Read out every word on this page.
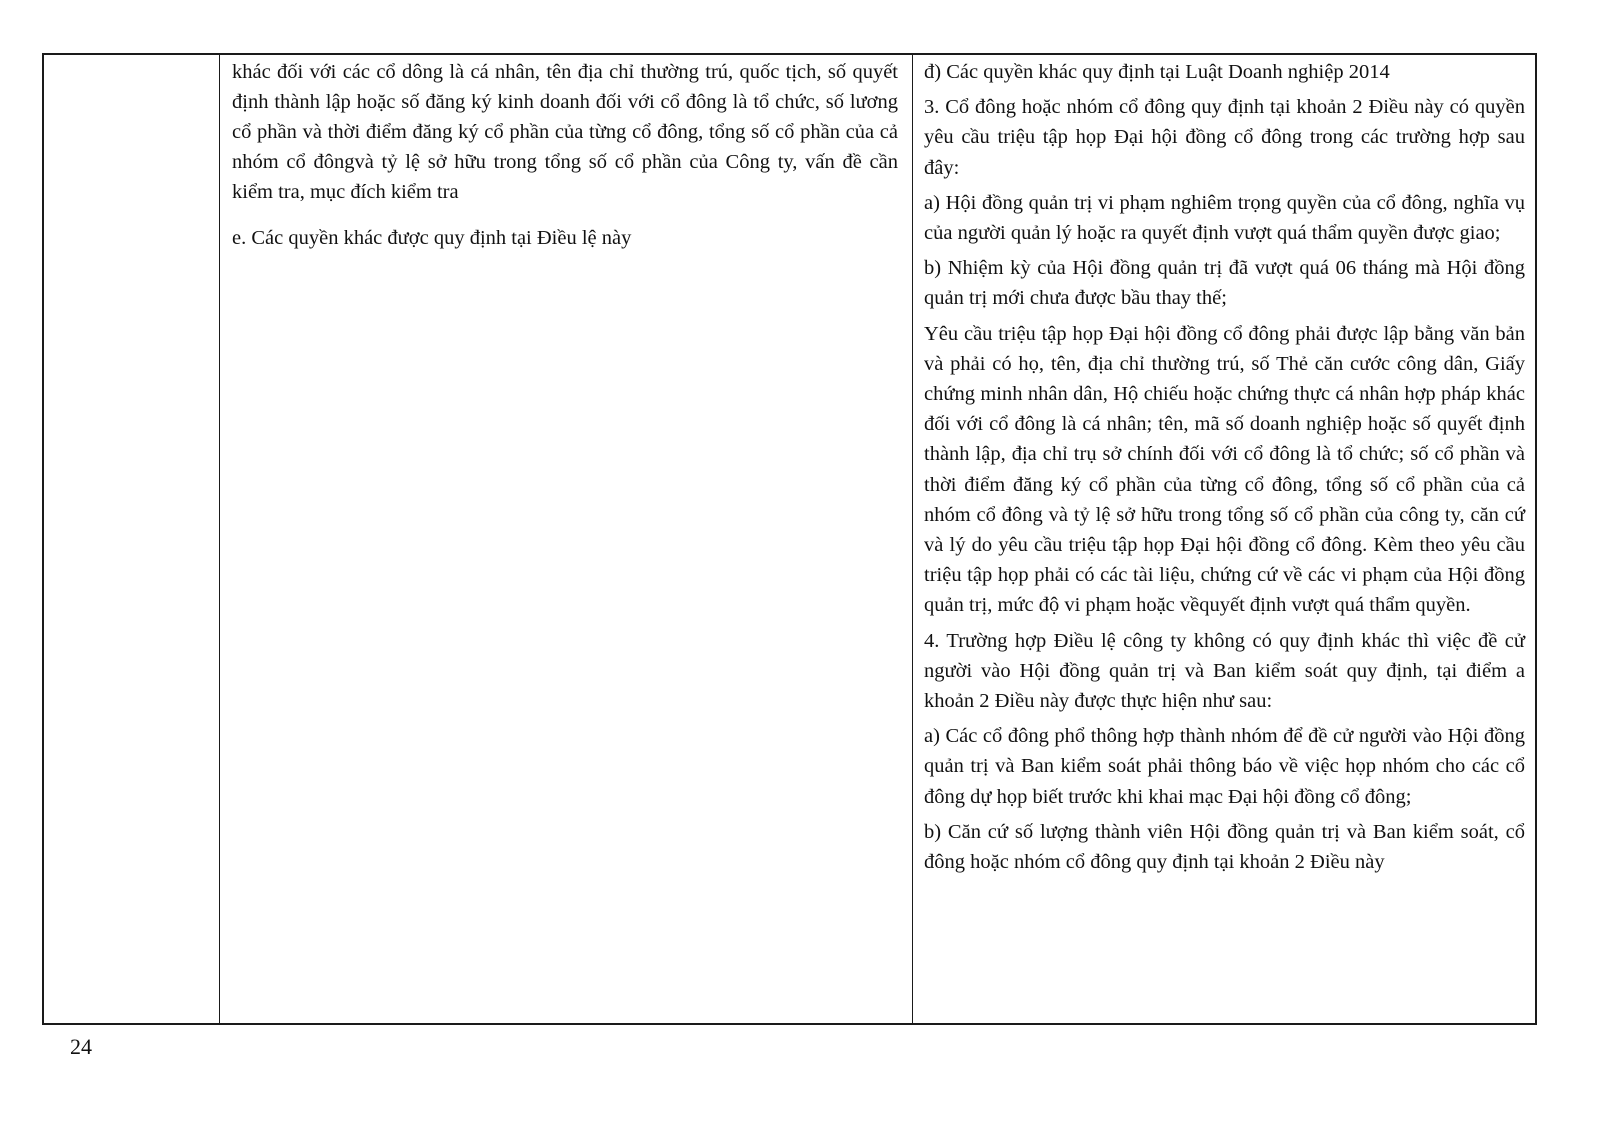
khác đối với các cổ dông là cá nhân, tên địa chỉ thường trú, quốc tịch, số quyết định thành lập hoặc số đăng ký kinh doanh đối với cổ đông là tổ chức, số lương cổ phần và thời điểm đăng ký cổ phần của từng cổ đông, tổng số cổ phần của cả nhóm cổ đôngvà tỷ lệ sở hữu trong tổng số cổ phần của Công ty, vấn đề cần kiểm tra, mục đích kiểm tra

e. Các quyền khác được quy định tại Điều lệ này

đ) Các quyền khác quy định tại Luật Doanh nghiệp 2014

3. Cổ đông hoặc nhóm cổ đông quy định tại khoản 2 Điều này có quyền yêu cầu triệu tập họp Đại hội đồng cổ đông trong các trường hợp sau đây:

a) Hội đồng quản trị vi phạm nghiêm trọng quyền của cổ đông, nghĩa vụ của người quản lý hoặc ra quyết định vượt quá thẩm quyền được giao;

b) Nhiệm kỳ của Hội đồng quản trị đã vượt quá 06 tháng mà Hội đồng quản trị mới chưa được bầu thay thế;

Yêu cầu triệu tập họp Đại hội đồng cổ đông phải được lập bằng văn bản và phải có họ, tên, địa chỉ thường trú, số Thẻ căn cước công dân, Giấy chứng minh nhân dân, Hộ chiếu hoặc chứng thực cá nhân hợp pháp khác đối với cổ đông là cá nhân; tên, mã số doanh nghiệp hoặc số quyết định thành lập, địa chỉ trụ sở chính đối với cổ đông là tổ chức; số cổ phần và thời điểm đăng ký cổ phần của từng cổ đông, tổng số cổ phần của cả nhóm cổ đông và tỷ lệ sở hữu trong tổng số cổ phần của công ty, căn cứ và lý do yêu cầu triệu tập họp Đại hội đồng cổ đông. Kèm theo yêu cầu triệu tập họp phải có các tài liệu, chứng cứ về các vi phạm của Hội đồng quản trị, mức độ vi phạm hoặc vềquyết định vượt quá thẩm quyền.

4. Trường hợp Điều lệ công ty không có quy định khác thì việc đề cử người vào Hội đồng quản trị và Ban kiểm soát quy định, tại điểm a khoản 2 Điều này được thực hiện như sau:

a) Các cổ đông phổ thông hợp thành nhóm để đề cử người vào Hội đồng quản trị và Ban kiểm soát phải thông báo về việc họp nhóm cho các cổ đông dự họp biết trước khi khai mạc Đại hội đồng cổ đông;

b) Căn cứ số lượng thành viên Hội đồng quản trị và Ban kiểm soát, cổ đông hoặc nhóm cổ đông quy định tại khoản 2 Điều này

24
